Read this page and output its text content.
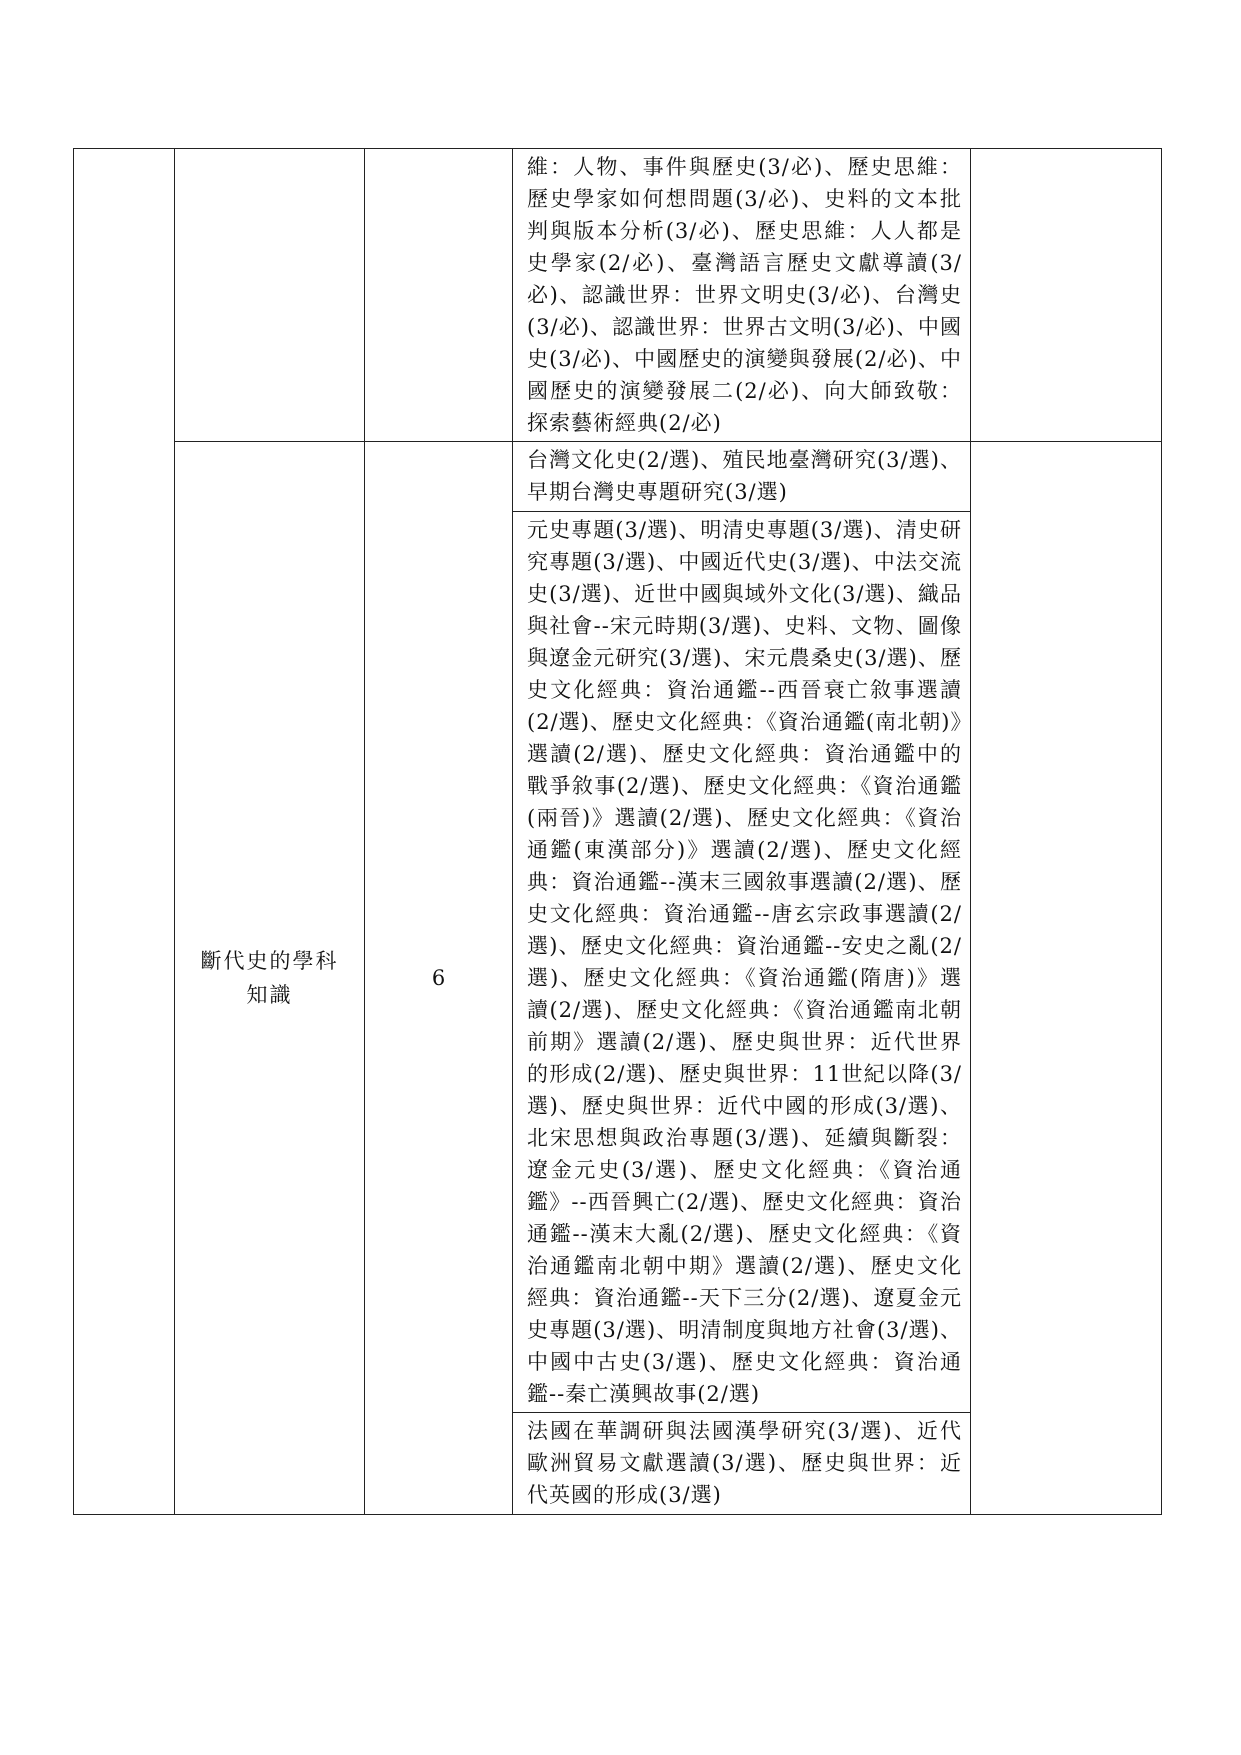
			維：人物、事件與歷史(3/必)、歷史思維：歷史學家如何想問題(3/必)、史料的文本批判與版本分析(3/必)、歷史思維：人人都是史學家(2/必)、臺灣語言歷史文獻導讀(3/必)、認識世界：世界文明史(3/必)、台灣史(3/必)、認識世界：世界古文明(3/必)、中國史(3/必)、中國歷史的演變與發展(2/必)、中國歷史的演變發展二(2/必)、向大師致敬：探索藝術經典(2/必)	
	斷代史的學科知識	6	台灣文化史(2/選)、殖民地臺灣研究(3/選)、早期台灣史專題研究(3/選)	
			元史專題(3/選)、明清史專題(3/選)、清史研究專題(3/選)、中國近代史(3/選)、中法交流史(3/選)、近世中國與域外文化(3/選)、織品與社會--宋元時期(3/選)、史料、文物、圖像與遼金元研究(3/選)、宋元農桑史(3/選)、歷史文化經典：資治通鑑--西晉衰亡敘事選讀(2/選)、歷史文化經典：《資治通鑑(南北朝)》選讀(2/選)、歷史文化經典：資治通鑑中的戰爭敘事(2/選)、歷史文化經典：《資治通鑑(兩晉)》選讀(2/選)、歷史文化經典：《資治通鑑(東漢部分)》選讀(2/選)、歷史文化經典：資治通鑑--漢末三國敘事選讀(2/選)、歷史文化經典：資治通鑑--唐玄宗政事選讀(2/選)、歷史文化經典：資治通鑑--安史之亂(2/選)、歷史文化經典：《資治通鑑(隋唐)》選讀(2/選)、歷史文化經典：《資治通鑑南北朝前期》選讀(2/選)、歷史與世界：近代世界的形成(2/選)、歷史與世界：11世紀以降(3/選)、歷史與世界：近代中國的形成(3/選)、北宋思想與政治專題(3/選)、延續與斷裂：遼金元史(3/選)、歷史文化經典：《資治通鑑》--西晉興亡(2/選)、歷史文化經典：資治通鑑--漢末大亂(2/選)、歷史文化經典：《資治通鑑南北朝中期》選讀(2/選)、歷史文化經典：資治通鑑--天下三分(2/選)、遼夏金元史專題(3/選)、明清制度與地方社會(3/選)、中國中古史(3/選)、歷史文化經典：資治通鑑--秦亡漢興故事(2/選)	
			法國在華調研與法國漢學研究(3/選)、近代歐洲貿易文獻選讀(3/選)、歷史與世界：近代英國的形成(3/選)	
